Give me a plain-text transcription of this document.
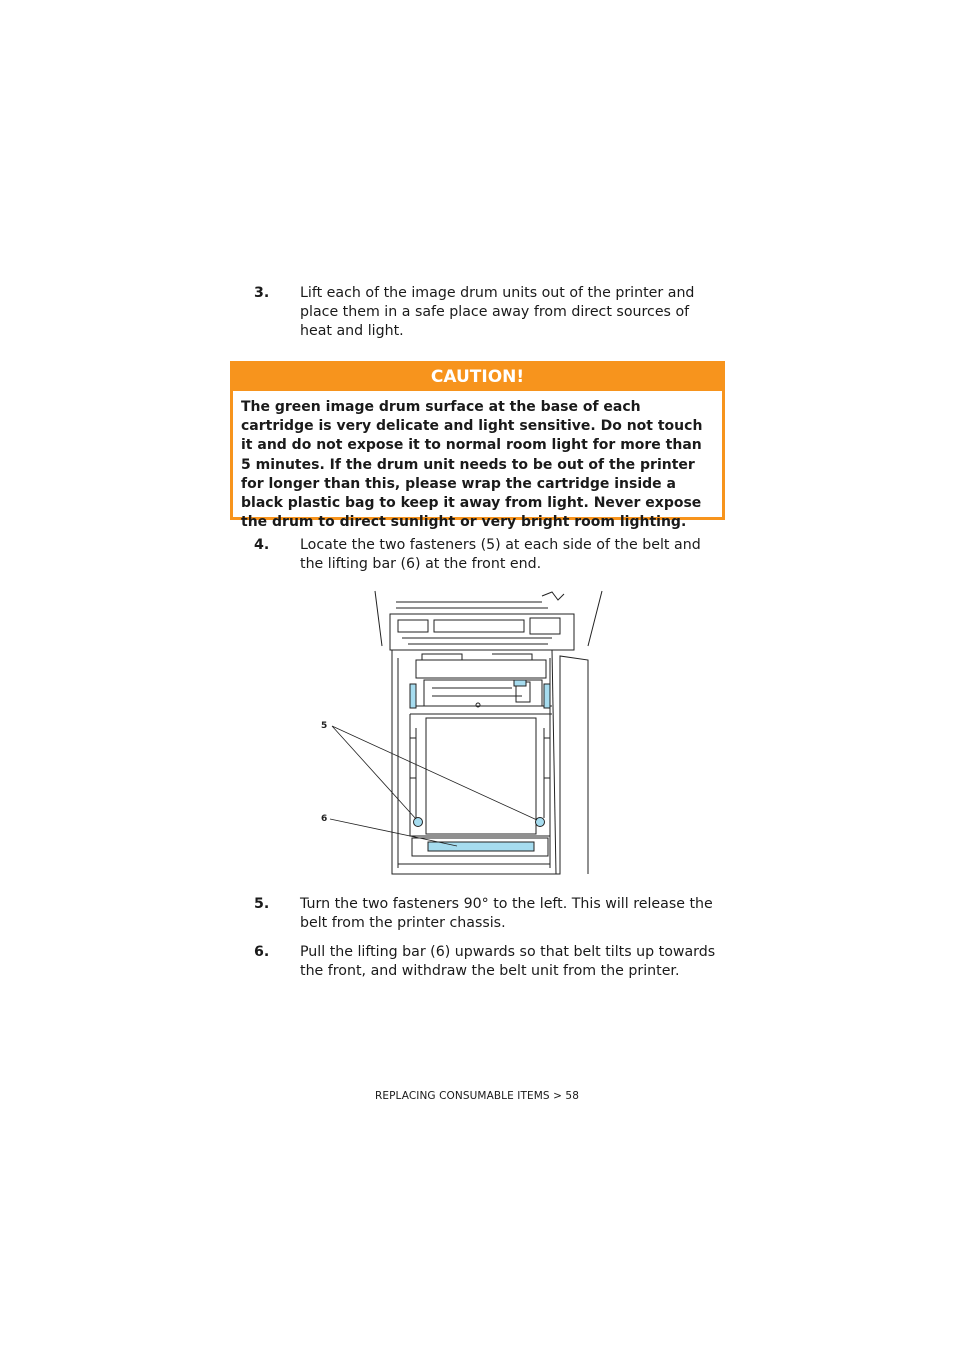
3. Lift each of the image drum units out of the printer and place them in a safe place away from direct sources of heat and light.
CAUTION!
The green image drum surface at the base of each cartridge is very delicate and light sensitive. Do not touch it and do not expose it to normal room light for more than 5 minutes. If the drum unit needs to be out of the printer for longer than this, please wrap the cartridge inside a black plastic bag to keep it away from light. Never expose the drum to direct sunlight or very bright room lighting.
4. Locate the two fasteners (5) at each side of the belt and the lifting bar (6) at the front end.
5
6
5. Turn the two fasteners 90° to the left. This will release the belt from the printer chassis.
6. Pull the lifting bar (6) upwards so that belt tilts up towards the front, and withdraw the belt unit from the printer.
REPLACING CONSUMABLE ITEMS > 58
